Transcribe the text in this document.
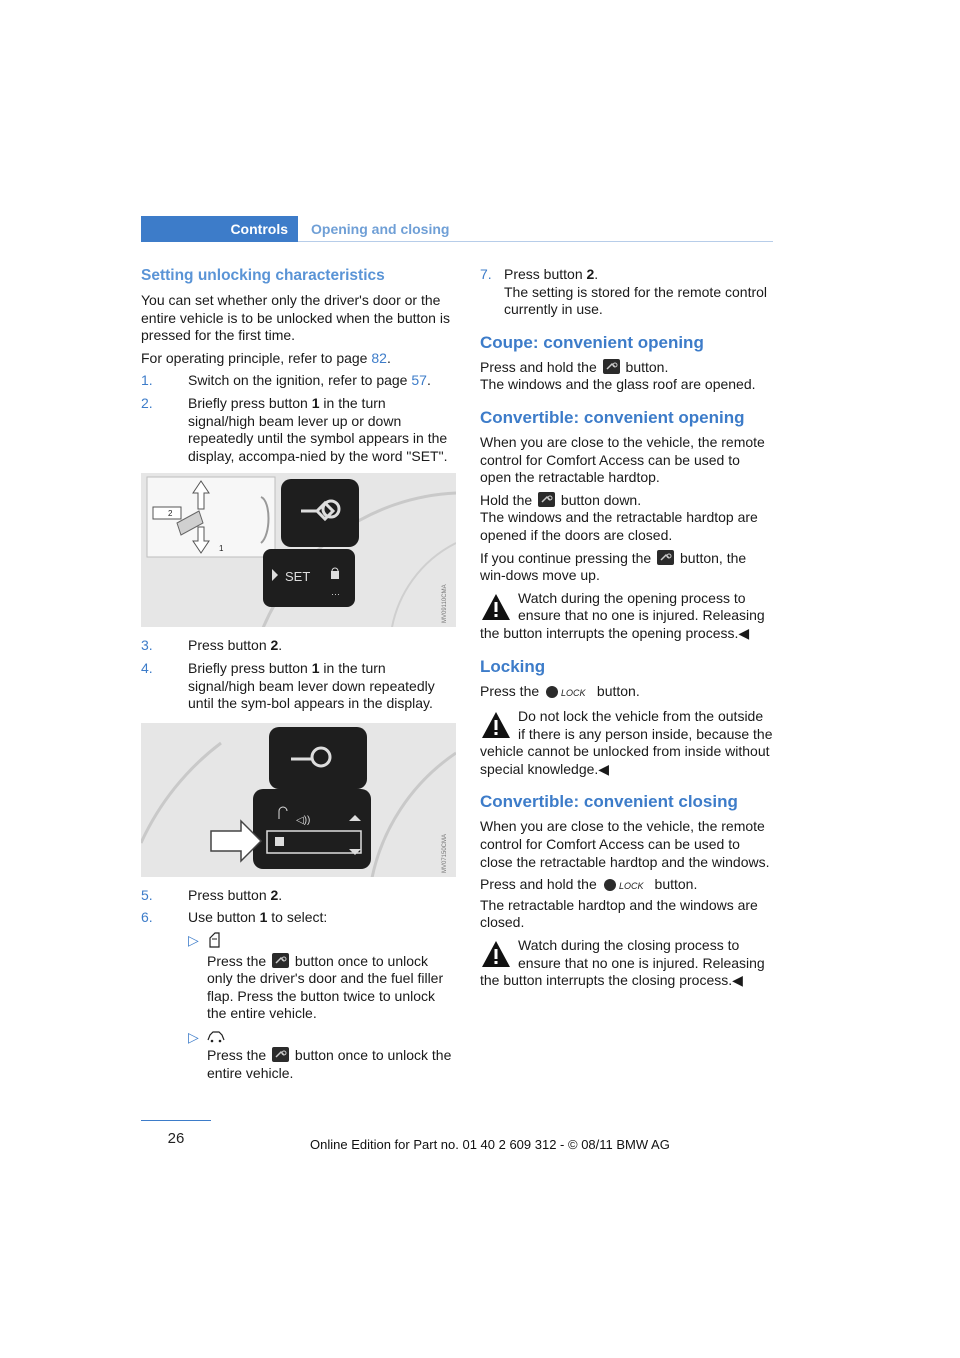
Controls	Opening and closing
Setting unlocking characteristics

You can set whether only the driver's door or the entire vehicle is to be unlocked when the button is pressed for the first time.

For operating principle, refer to page 82.

1.	Switch on the ignition, refer to page 57.
2.	Briefly press button 1 in the turn signal/high beam lever up or down repeatedly until the symbol appears in the display, accompa-nied by the word "SET".
SET
···
2
1
MV09110CMA
3.	Press button 2.
4.	Briefly press button 1 in the turn signal/high beam lever down repeatedly until the sym-bol appears in the display.
◁))
MV07150CMA
5.	Press button 2.
6.	Use button 1 to select:
▷

Press the
button once to unlock only the driver's door and the fuel filler flap. Press the button twice to unlock the entire vehicle.
▷

Press the
button once to unlock the entire vehicle.
7. Press button 2.
The setting is stored for the remote control currently in use.
Coupe: convenient opening

Press and hold the
button.
The windows and the glass roof are opened.

Convertible: convenient opening

When you are close to the vehicle, the remote control for Comfort Access can be used to open the retractable hardtop.

Hold the
button down.
The windows and the retractable hardtop are opened if the doors are closed.

If you continue pressing the
button, the win-dows move up.

Watch during the opening process to ensure that no one is injured. Releasing the button interrupts the opening process.◀
Locking

Press the LOCK button.

Do not lock the vehicle from the outside if there is any person inside, because the vehicle cannot be unlocked from inside without special knowledge.◀
Convertible: convenient closing

When you are close to the vehicle, the remote control for Comfort Access can be used to close the retractable hardtop and the windows.

Press and hold the LOCK button.
The retractable hardtop and the windows are closed.

Watch during the closing process to ensure that no one is injured. Releasing the button interrupts the closing process.◀
26	Online Edition for Part no. 01 40 2 609 312 - © 08/11 BMW AG
